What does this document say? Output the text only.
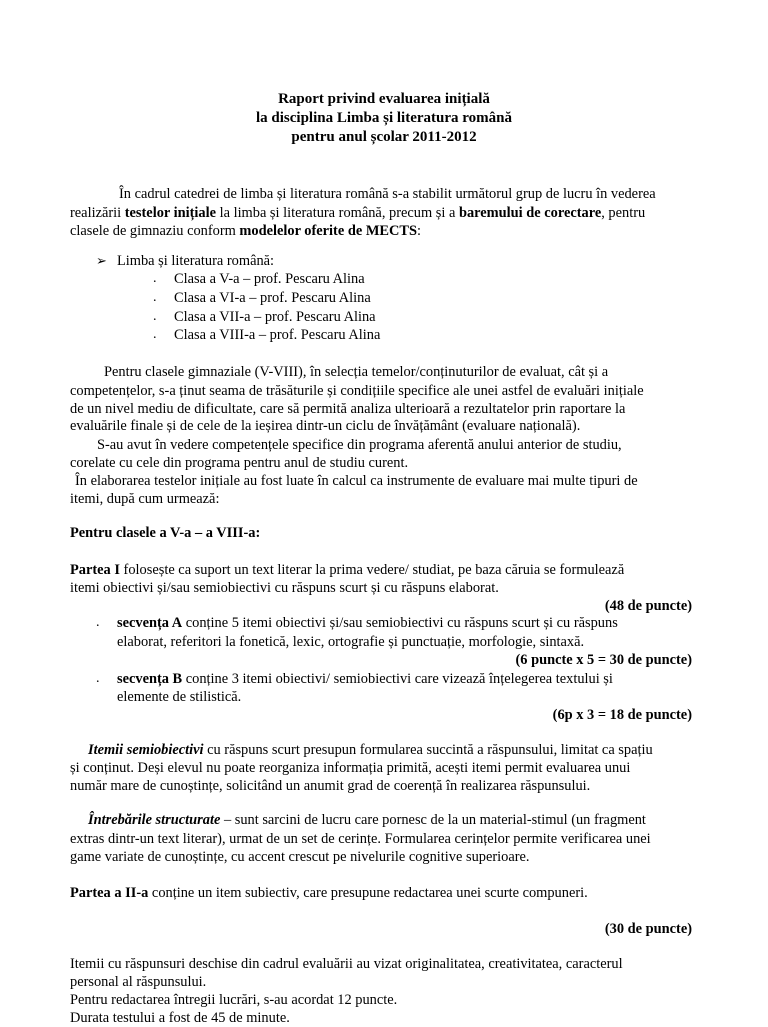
Raport privind evaluarea inițială
la disciplina Limba și literatura română
pentru anul școlar 2011-2012
În cadrul catedrei de limba și literatura română s-a stabilit următorul grup de lucru în vederea
realizării testelor inițiale la limba și literatura română, precum și a baremului de corectare, pentru
clasele de gimnaziu conform modelelor oferite de MECTS:
➢ Limba și literatura română:
. Clasa a V-a – prof. Pescaru Alina
. Clasa a VI-a – prof. Pescaru Alina
. Clasa a VII-a – prof. Pescaru Alina
. Clasa a VIII-a – prof. Pescaru Alina
Pentru clasele gimnaziale (V-VIII), în selecția temelor/conținuturilor de evaluat, cât și a
competențelor, s-a ținut seama de trăsăturile și condițiile specifice ale unei astfel de evaluări inițiale
de un nivel mediu de dificultate, care să permită analiza ulterioară a rezultatelor prin raportare la
evaluările finale și de cele de la ieșirea dintr-un ciclu de învățământ (evaluare națională).
S-au avut în vedere competențele specifice din programa aferentă anului anterior de studiu,
corelate cu cele din programa pentru anul de studiu curent.
În elaborarea testelor inițiale au fost luate în calcul ca instrumente de evaluare mai multe tipuri de
itemi, după cum urmează:
Pentru clasele a V-a – a VIII-a:
Partea I folosește ca suport un text literar la prima vedere/ studiat, pe baza căruia se formulează
itemi obiectivi și/sau semiobiectivi cu răspuns scurt și cu răspuns elaborat.
(48 de puncte)
. secvența A conține 5 itemi obiectivi și/sau semiobiectivi cu răspuns scurt și cu răspuns
elaborat, referitori la fonetică, lexic, ortografie și punctuație, morfologie, sintaxă.
(6 puncte x 5 = 30 de puncte)
. secvența B conține 3 itemi obiectivi/ semiobiectivi care vizează înțelegerea textului și
elemente de stilistică.
(6p x 3 = 18 de puncte)
Itemii semiobiectivi cu răspuns scurt presupun formularea succintă a răspunsului, limitat ca spațiu
și conținut. Deși elevul nu poate reorganiza informația primită, acești itemi permit evaluarea unui
număr mare de cunoștințe, solicitând un anumit grad de coerență în realizarea răspunsului.
Întrebările structurate – sunt sarcini de lucru care pornesc de la un material-stimul (un fragment
extras dintr-un text literar), urmat de un set de cerințe. Formularea cerințelor permite verificarea unei
game variate de cunoștințe, cu accent crescut pe nivelurile cognitive superioare.
Partea a II-a conține un item subiectiv, care presupune redactarea unei scurte compuneri.
(30 de puncte)
Itemii cu răspunsuri deschise din cadrul evaluării au vizat originalitatea, creativitatea, caracterul
personal al răspunsului.
Pentru redactarea întregii lucrări, s-au acordat 12 puncte.
Durata testului a fost de 45 de minute.
